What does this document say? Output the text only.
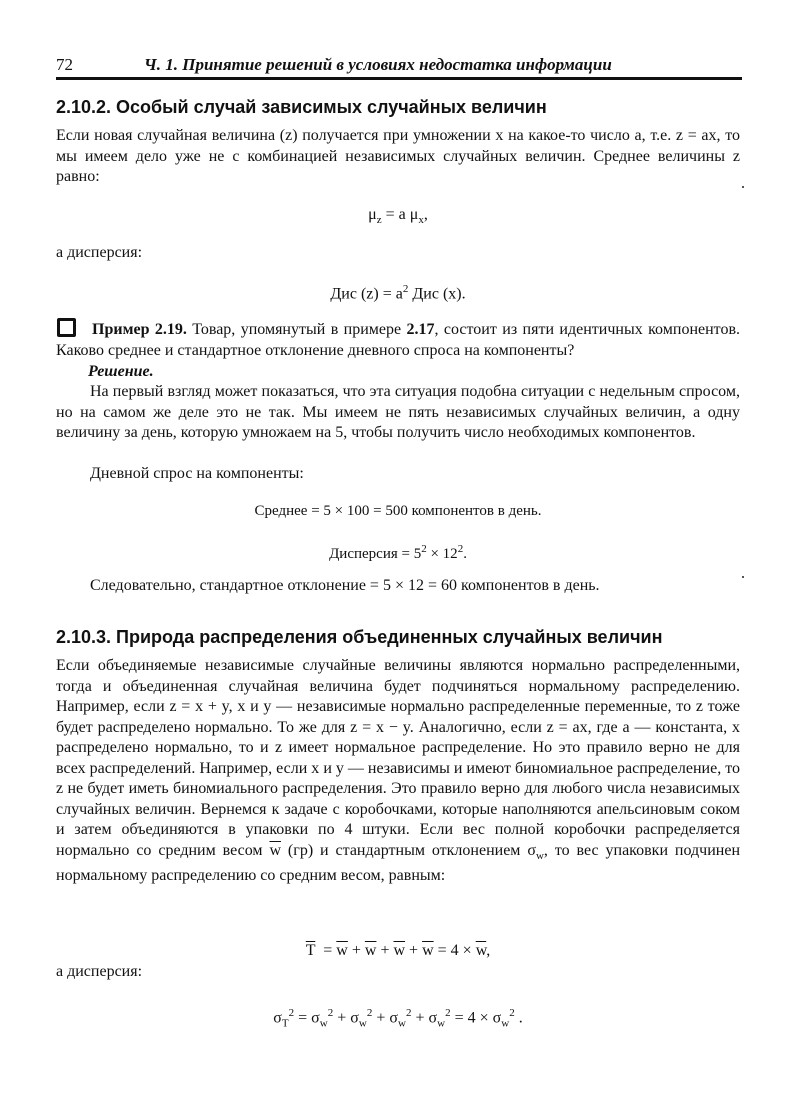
72	Ч. 1. Принятие решений в условиях недостатка информации
2.10.2. Особый случай зависимых случайных величин
Если новая случайная величина (z) получается при умножении x на какое-то число a, т.е. z = ax, то мы имеем дело уже не с комбинацией независимых случайных величин. Среднее величины z равно:
$\mu_z = a$ $\mu_x$,
а дисперсия:
Дис $(z) = a^2$ Дис (x).
Пример 2.19. Товар, упомянутый в примере 2.17, состоит из пяти идентичных компонентов. Каково среднее и стандартное отклонение дневного спроса на компоненты?
Решение.
На первый взгляд может показаться, что эта ситуация подобна ситуации с недельным спросом, но на самом же деле это не так. Мы имеем не пять независимых случайных величин, а одну величину за день, которую умножаем на 5, чтобы получить число необходимых компонентов.
Дневной спрос на компоненты:
Среднее = 5 × 100 = 500 компонентов в день.
Дисперсия = $5^2 \times 12^2$.
Следовательно, стандартное отклонение = 5 × 12 = 60 компонентов в день.
2.10.3. Природа распределения объединенных случайных величин
Если объединяемые независимые случайные величины являются нормально распределенными, тогда и объединенная случайная величина будет подчиняться нормальному распределению. Например, если z = x + y, x и y — независимые нормально распределенные переменные, то z тоже будет распределено нормально. То же для z = x − y. Аналогично, если z = ax, где a — константа, x распределено нормально, то и z имеет нормальное распределение. Но это правило верно не для всех распределений. Например, если x и y — независимы и имеют биномиальное распределение, то z не будет иметь биномиального распределения. Это правило верно для любого числа независимых случайных величин. Вернемся к задаче с коробочками, которые наполняются апельсиновым соком и затем объединяются в упаковки по 4 штуки. Если вес полной коробочки распределяется нормально со средним весом $\overline{w}$ (гр) и стандартным отклонением $\sigma_w$, то вес упаковки подчинен нормальному распределению со средним весом, равным:
$\overline{T} = \overline{w} + \overline{w} + \overline{w} + \overline{w} = 4 \times \overline{w}$,
а дисперсия:
$\sigma_T^2 = \sigma_w^2 + \sigma_w^2 + \sigma_w^2 + \sigma_w^2 = 4 \times \sigma_w^2$ .
